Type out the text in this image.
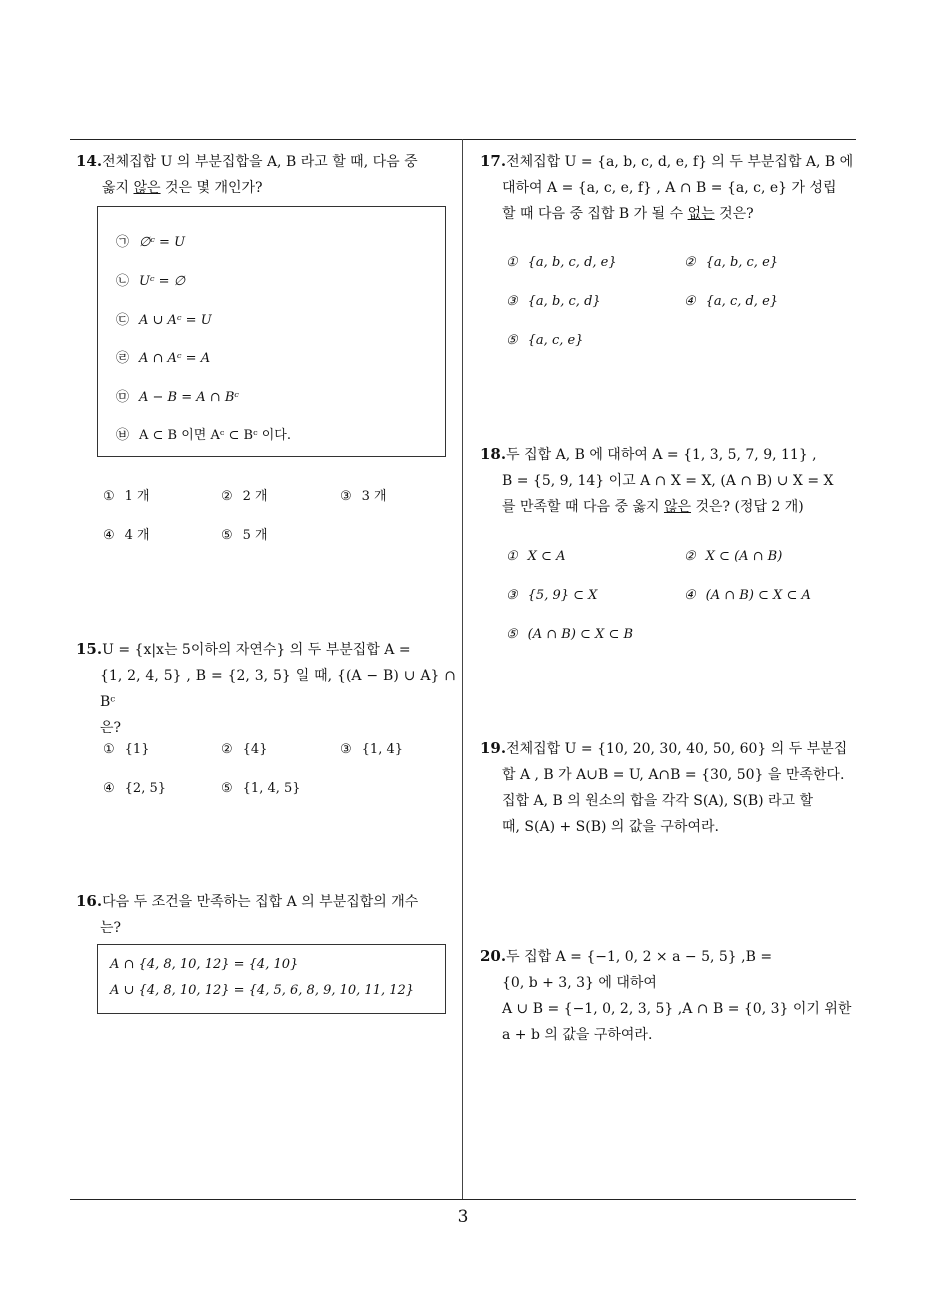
14.전체집합 U 의 부분집합을 A, B 라고 할 때, 다음 중
옳지 않은 것은 몇 개인가?
㉠ ∅ᶜ = U
㉡ Uᶜ = ∅
㉢ A ∪ Aᶜ = U
㉣ A ∩ Aᶜ = A
㉤ A − B = A ∩ Bᶜ
㉥ A ⊂ B 이면 Aᶜ ⊂ Bᶜ 이다.
① 1 개	② 2 개	③ 3 개
④ 4 개	⑤ 5 개
15.U = {x|x는 5이하의 자연수} 의 두 부분집합 A =
{1, 2, 4, 5} , B = {2, 3, 5} 일 때, {(A − B) ∪ A} ∩ Bᶜ
은?
① {1}	② {4}	③ {1, 4}
④ {2, 5}	⑤ {1, 4, 5}
16.다음 두 조건을 만족하는 집합 A 의 부분집합의 개수
는?
A ∩ {4, 8, 10, 12} = {4, 10}
A ∪ {4, 8, 10, 12} = {4, 5, 6, 8, 9, 10, 11, 12}
17.전체집합 U = {a, b, c, d, e, f} 의 두 부분집합 A, B 에
대하여 A = {a, c, e, f} , A ∩ B = {a, c, e} 가 성립
할 때 다음 중 집합 B 가 될 수 없는 것은?
① {a, b, c, d, e}	② {a, b, c, e}
③ {a, b, c, d}	④ {a, c, d, e}
⑤ {a, c, e}
18.두 집합 A, B 에 대하여 A = {1, 3, 5, 7, 9, 11} ,
B = {5, 9, 14} 이고 A ∩ X = X, (A ∩ B) ∪ X = X
를 만족할 때 다음 중 옳지 않은 것은? (정답 2 개)
① X ⊂ A	② X ⊂ (A ∩ B)
③ {5, 9} ⊂ X	④ (A ∩ B) ⊂ X ⊂ A
⑤ (A ∩ B) ⊂ X ⊂ B
19.전체집합 U = {10, 20, 30, 40, 50, 60} 의 두 부분집
합 A , B 가 A∪B = U, A∩B = {30, 50} 을 만족한다.
집합 A, B 의 원소의 합을 각각 S(A), S(B) 라고 할
때, S(A) + S(B) 의 값을 구하여라.
20.두 집합 A = {−1, 0, 2 × a − 5, 5} ,B =
{0, b + 3, 3} 에 대하여
A ∪ B = {−1, 0, 2, 3, 5} ,A ∩ B = {0, 3} 이기 위한
a + b 의 값을 구하여라.
3
